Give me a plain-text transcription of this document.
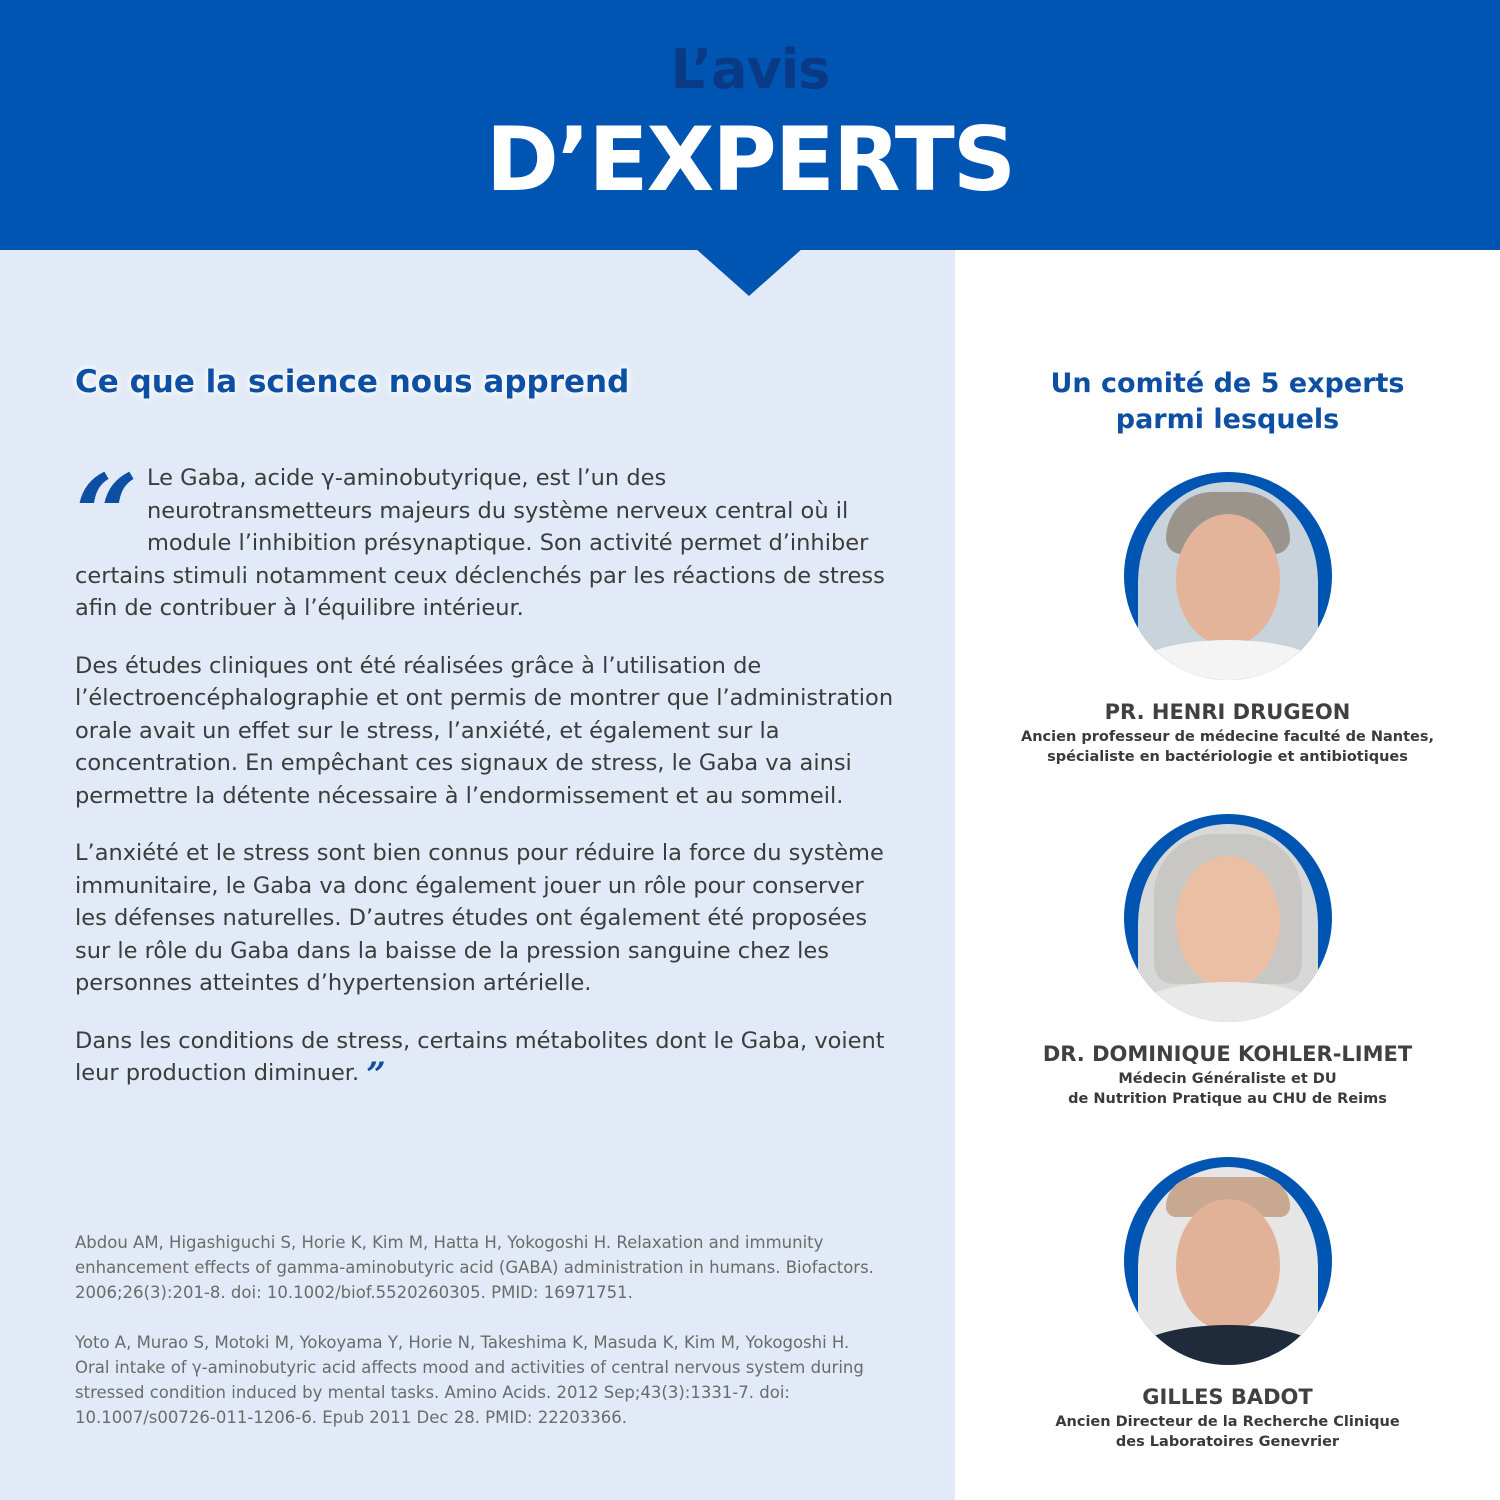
L’avis
D’EXPERTS
Ce que la science nous apprend

“ Le Gaba, acide γ-aminobutyrique, est l’un des neurotransmetteurs majeurs du système nerveux central où il module l’inhibition présynaptique. Son activité permet d’inhiber certains stimuli notamment ceux déclenchés par les réactions de stress afin de contribuer à l’équilibre intérieur.

Des études cliniques ont été réalisées grâce à l’utilisation de l’électroencéphalographie et ont permis de montrer que l’administration orale avait un effet sur le stress, l’anxiété, et également sur la concentration. En empêchant ces signaux de stress, le Gaba va ainsi permettre la détente nécessaire à l’endormissement et au sommeil.

L’anxiété et le stress sont bien connus pour réduire la force du système immunitaire, le Gaba va donc également jouer un rôle pour conserver les défenses naturelles. D’autres études ont également été proposées sur le rôle du Gaba dans la baisse de la pression sanguine chez les personnes atteintes d’hypertension artérielle.

Dans les conditions de stress, certains métabolites dont le Gaba, voient leur production diminuer. ”

Abdou AM, Higashiguchi S, Horie K, Kim M, Hatta H, Yokogoshi H. Relaxation and immunity enhancement effects of gamma-aminobutyric acid (GABA) administration in humans. Biofactors. 2006;26(3):201-8. doi: 10.1002/biof.5520260305. PMID: 16971751.

Yoto A, Murao S, Motoki M, Yokoyama Y, Horie N, Takeshima K, Masuda K, Kim M, Yokogoshi H. Oral intake of γ-aminobutyric acid affects mood and activities of central nervous system during stressed condition induced by mental tasks. Amino Acids. 2012 Sep;43(3):1331-7. doi: 10.1007/s00726-011-1206-6. Epub 2011 Dec 28. PMID: 22203366.

Un comité de 5 experts
parmi lesquels
PR. HENRI DRUGEON
Ancien professeur de médecine faculté de Nantes,
spécialiste en bactériologie et antibiotiques
DR. DOMINIQUE KOHLER-LIMET
Médecin Généraliste et DU
de Nutrition Pratique au CHU de Reims
GILLES BADOT
Ancien Directeur de la Recherche Clinique
des Laboratoires Genevrier
